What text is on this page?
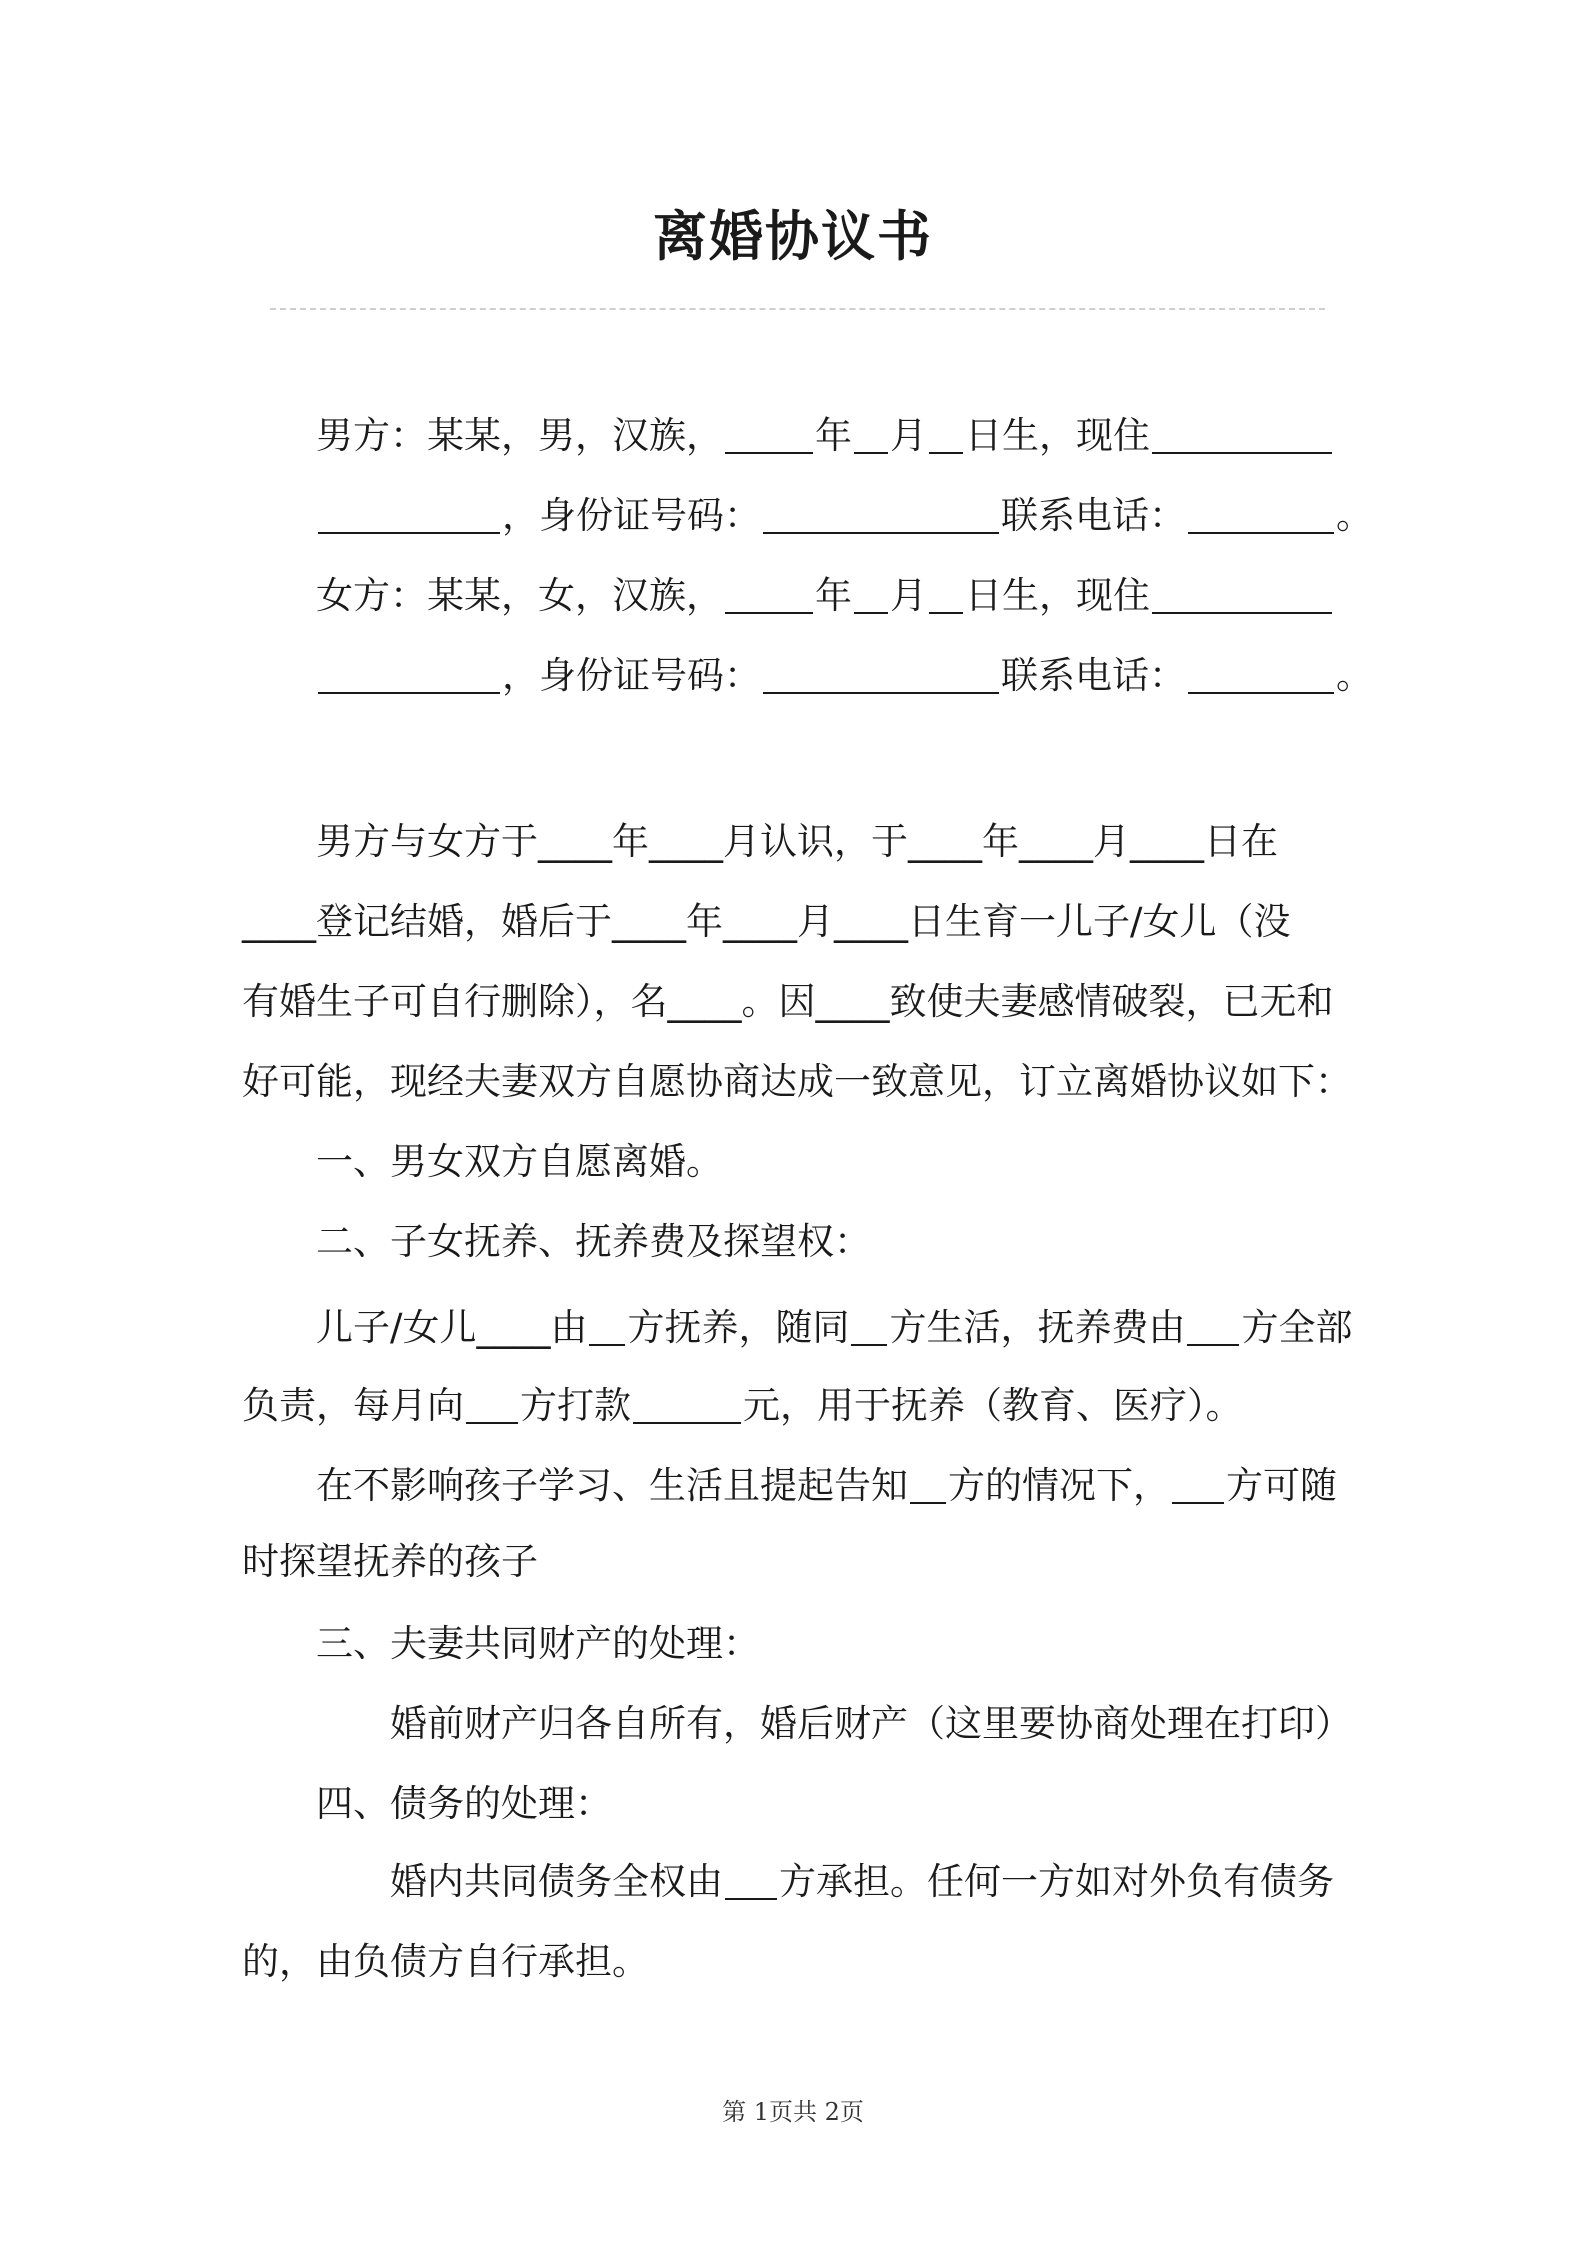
离婚协议书
男方：某某，男，汉族， 年 月 日生，现住
，身份证号码：	联系电话：	。
女方：某某，女，汉族， 年 月 日生，现住
，身份证号码：	联系电话：	。
男方与女方于____年____月认识，于____年____月____日在
____登记结婚，婚后于____年____月____日生育一儿子/女儿（没
有婚生子可自行删除），名____。因____致使夫妻感情破裂，已无和
好可能，现经夫妻双方自愿协商达成一致意见，订立离婚协议如下：
一、男女双方自愿离婚。
二、子女抚养、抚养费及探望权：
儿子/女儿____由 方抚养，随同 方生活，抚养费由 方全部
负责，每月向 方打款	元，用于抚养（教育、医疗）。
在不影响孩子学习、生活且提起告知 方的情况下， 方可随
时探望抚养的孩子
三、夫妻共同财产的处理：
婚前财产归各自所有，婚后财产（这里要协商处理在打印）
四、债务的处理：
婚内共同债务全权由 方承担。任何一方如对外负有债务
的，由负债方自行承担。
第 1页共 2页
